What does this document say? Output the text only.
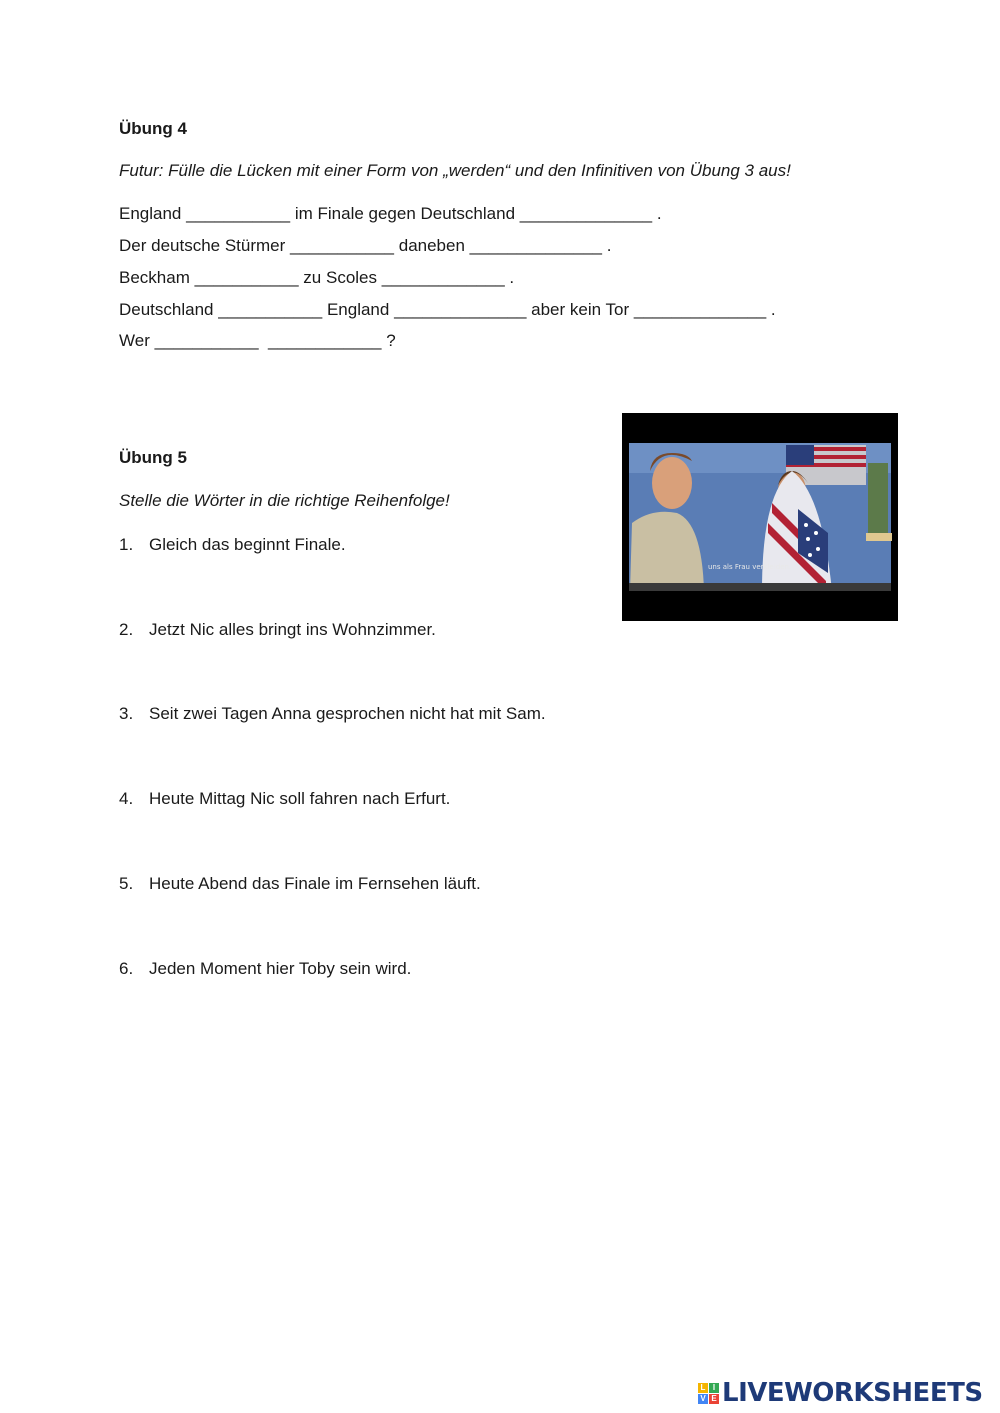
Übung 4

Futur: Fülle die Lücken mit einer Form von „werden“ und den Infinitiven von Übung 3 aus!

England ___________ im Finale gegen Deutschland ______________ .

Der deutsche Stürmer ___________ daneben ______________ .

Beckham ___________ zu Scoles _____________ .

Deutschland ___________ England ______________ aber kein Tor ______________ .

Wer ___________  ____________ ?

uns als Frau verkleiden.
Übung 5

Stelle die Wörter in die richtige Reihenfolge!

1. Gleich das beginnt Finale.
2. Jetzt Nic alles bringt ins Wohnzimmer.
3. Seit zwei Tagen Anna gesprochen nicht hat mit Sam.
4. Heute Mittag Nic soll fahren nach Erfurt.
5. Heute Abend das Finale im Fernsehen läuft.
6. Jeden Moment hier Toby sein wird.
L I
V E LIVEWORKSHEETS
